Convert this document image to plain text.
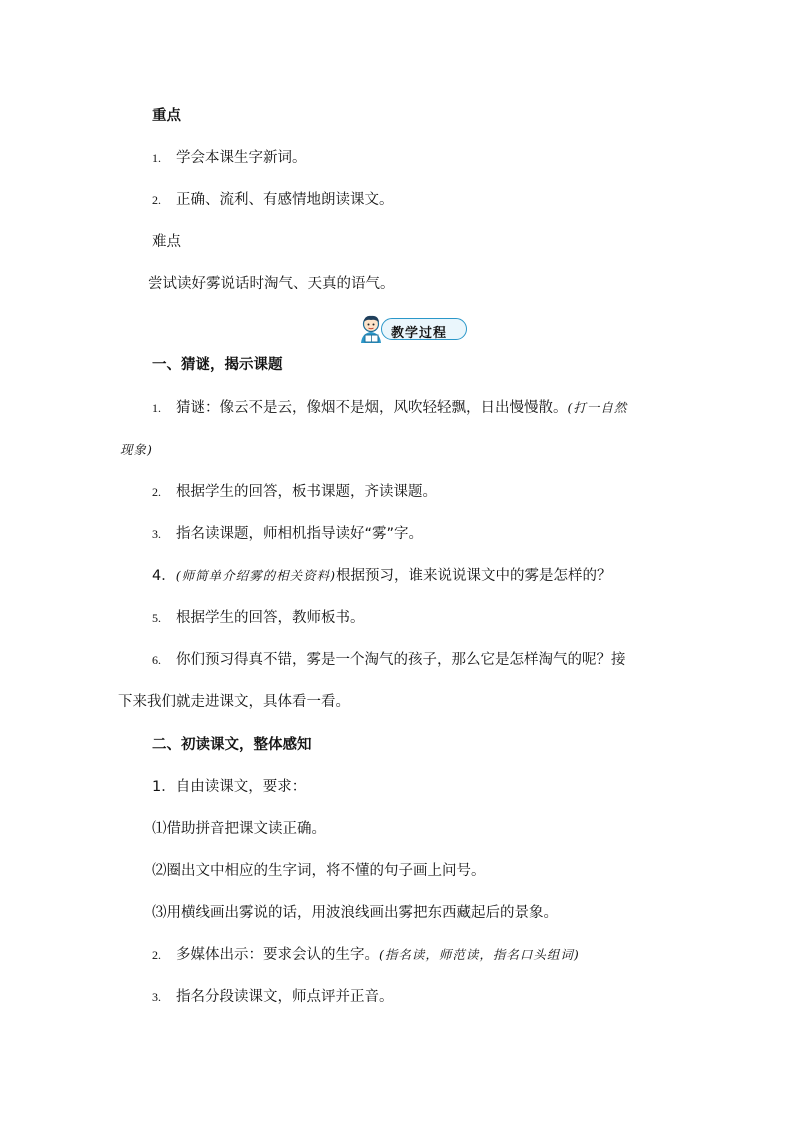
重点
1. 学会本课生字新词。
2. 正确、流利、有感情地朗读课文。
难点
尝试读好雾说话时淘气、天真的语气。
教学过程
一、猜谜，揭示课题
1. 猜谜：像云不是云，像烟不是烟，风吹轻轻飘，日出慢慢散。(打一自然
现象)
2. 根据学生的回答，板书课题，齐读课题。
3. 指名读课题，师相机指导读好“雾”字。
4．(师简单介绍雾的相关资料)根据预习，谁来说说课文中的雾是怎样的？
5. 根据学生的回答，教师板书。
6. 你们预习得真不错，雾是一个淘气的孩子，那么它是怎样淘气的呢？接
下来我们就走进课文，具体看一看。
二、初读课文，整体感知
1．自由读课文，要求：
⑴借助拼音把课文读正确。
⑵圈出文中相应的生字词，将不懂的句子画上问号。
⑶用横线画出雾说的话，用波浪线画出雾把东西藏起后的景象。
2. 多媒体出示：要求会认的生字。(指名读，师范读，指名口头组词)
3. 指名分段读课文，师点评并正音。
